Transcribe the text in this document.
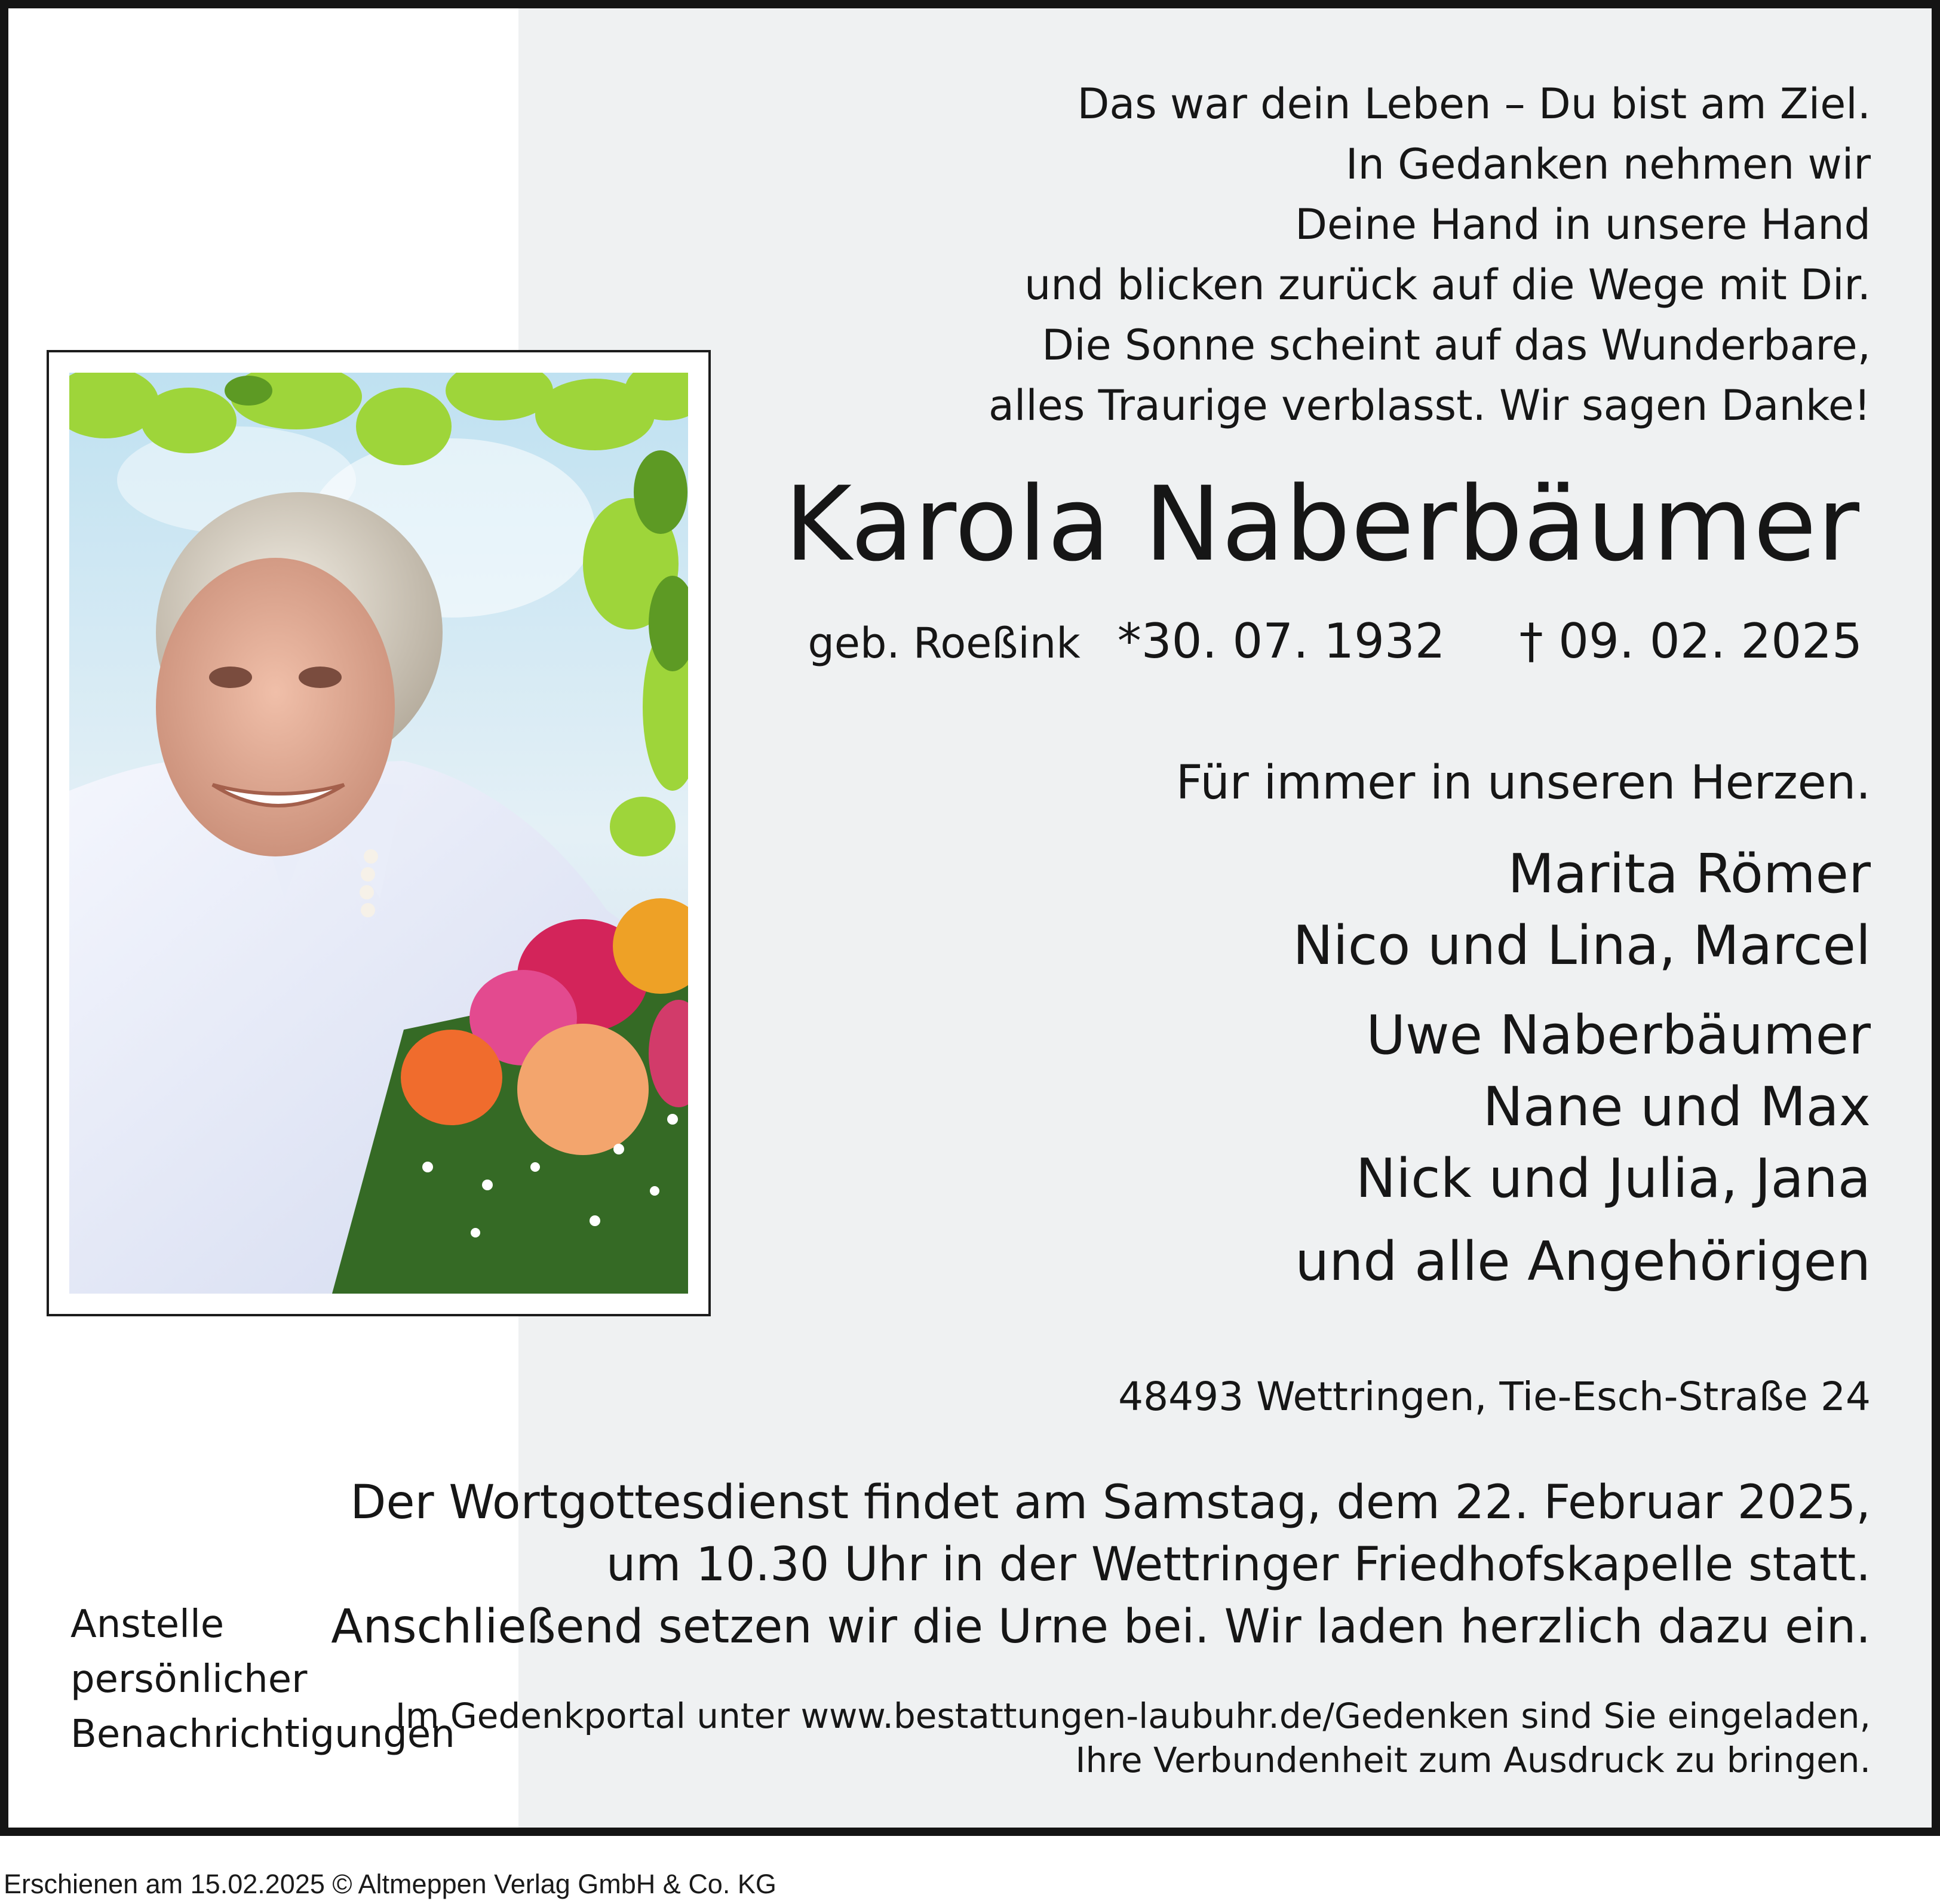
Das war dein Leben – Du bist am Ziel.
In Gedanken nehmen wir
Deine Hand in unsere Hand
und blicken zurück auf die Wege mit Dir.
Die Sonne scheint auf das Wunderbare,
alles Traurige verblasst. Wir sagen Danke!
Karola Naberbäumer
geb. Roeßink *30. 07. 1932 † 09. 02. 2025
Für immer in unseren Herzen.
Marita Römer
Nico und Lina, Marcel
Uwe Naberbäumer
Nane und Max
Nick und Julia, Jana
und alle Angehörigen
48493 Wettringen, Tie-Esch-Straße 24
Der Wortgottesdienst findet am Samstag, dem 22. Februar 2025,
um 10.30 Uhr in der Wettringer Friedhofskapelle statt.
Anschließend setzen wir die Urne bei. Wir laden herzlich dazu ein.
Im Gedenkportal unter www.bestattungen-laubuhr.de/Gedenken sind Sie eingeladen,
Ihre Verbundenheit zum Ausdruck zu bringen.
Anstelle
persönlicher
Benachrichtigungen
Erschienen am 15.02.2025 © Altmeppen Verlag GmbH & Co. KG
